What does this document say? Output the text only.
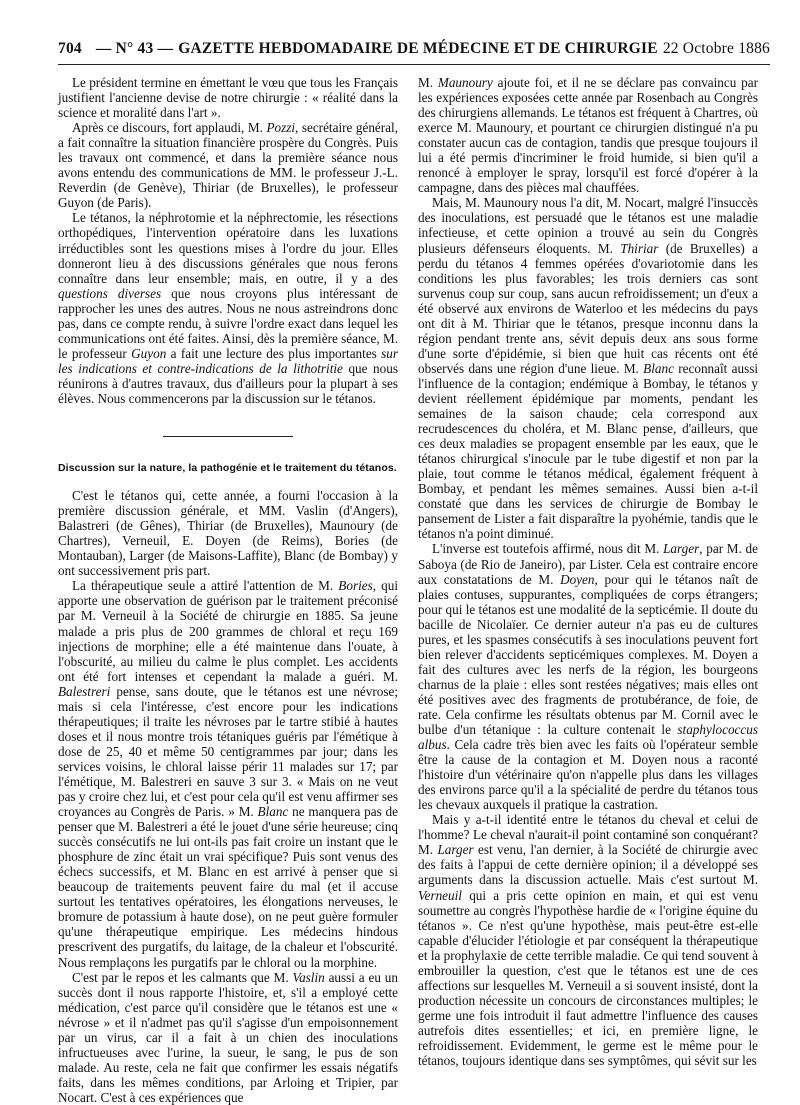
704 — N° 43 — GAZETTE HEBDOMADAIRE DE MÉDECINE ET DE CHIRURGIE 22 Octobre 1886

Le président termine en émettant le vœu que tous les Français justifient l'ancienne devise de notre chirurgie : « réalité dans la science et moralité dans l'art ».

Après ce discours, fort applaudi, M. Pozzi, secrétaire général, a fait connaître la situation financière prospère du Congrès. Puis les travaux ont commencé, et dans la première séance nous avons entendu des communications de MM. le professeur J.-L. Reverdin (de Genève), Thiriar (de Bruxelles), le professeur Guyon (de Paris).

Le tétanos, la néphrotomie et la néphrectomie, les résections orthopédiques, l'intervention opératoire dans les luxations irréductibles sont les questions mises à l'ordre du jour. Elles donneront lieu à des discussions générales que nous ferons connaître dans leur ensemble; mais, en outre, il y a des questions diverses que nous croyons plus intéressant de rapprocher les unes des autres. Nous ne nous astreindrons donc pas, dans ce compte rendu, à suivre l'ordre exact dans lequel les communications ont été faites. Ainsi, dès la première séance, M. le professeur Guyon a fait une lecture des plus importantes sur les indications et contre-indications de la lithotritie que nous réunirons à d'autres travaux, dus d'ailleurs pour la plupart à ses élèves. Nous commencerons par la discussion sur le tétanos.

Discussion sur la nature, la pathogénie et le traitement du tétanos.

C'est le tétanos qui, cette année, a fourni l'occasion à la première discussion générale, et MM. Vaslin (d'Angers), Balastreri (de Gênes), Thiriar (de Bruxelles), Maunoury (de Chartres), Verneuil, E. Doyen (de Reims), Bories (de Montauban), Larger (de Maisons-Laffite), Blanc (de Bombay) y ont successivement pris part.

La thérapeutique seule a attiré l'attention de M. Bories, qui apporte une observation de guérison par le traitement préconisé par M. Verneuil à la Société de chirurgie en 1885. Sa jeune malade a pris plus de 200 grammes de chloral et reçu 169 injections de morphine; elle a été maintenue dans l'ouate, à l'obscurité, au milieu du calme le plus complet. Les accidents ont été fort intenses et cependant la malade a guéri. M. Balestreri pense, sans doute, que le tétanos est une névrose; mais si cela l'intéresse, c'est encore pour les indications thérapeutiques; il traite les névroses par le tartre stibié à hautes doses et il nous montre trois tétaniques guéris par l'émétique à dose de 25, 40 et même 50 centigrammes par jour; dans les services voisins, le chloral laisse périr 11 malades sur 17; par l'émétique, M. Balestreri en sauve 3 sur 3. « Mais on ne veut pas y croire chez lui, et c'est pour cela qu'il est venu affirmer ses croyances au Congrès de Paris. » M. Blanc ne manquera pas de penser que M. Balestreri a été le jouet d'une série heureuse; cinq succès consécutifs ne lui ont-ils pas fait croire un instant que le phosphure de zinc était un vrai spécifique? Puis sont venus des échecs successifs, et M. Blanc en est arrivé à penser que si beaucoup de traitements peuvent faire du mal (et il accuse surtout les tentatives opératoires, les élongations nerveuses, le bromure de potassium à haute dose), on ne peut guère formuler qu'une thérapeutique empirique. Les médecins hindous prescrivent des purgatifs, du laitage, de la chaleur et l'obscurité. Nous remplaçons les purgatifs par le chloral ou la morphine.

C'est par le repos et les calmants que M. Vaslin aussi a eu un succès dont il nous rapporte l'histoire, et, s'il a employé cette médication, c'est parce qu'il considère que le tétanos est une « névrose » et il n'admet pas qu'il s'agisse d'un empoisonnement par un virus, car il a fait à un chien des inoculations infructueuses avec l'urine, la sueur, le sang, le pus de son malade. Au reste, cela ne fait que confirmer les essais négatifs faits, dans les mêmes conditions, par Arloing et Tripier, par Nocart. C'est à ces expériences que

M. Maunoury ajoute foi, et il ne se déclare pas convaincu par les expériences exposées cette année par Rosenbach au Congrès des chirurgiens allemands. Le tétanos est fréquent à Chartres, où exerce M. Maunoury, et pourtant ce chirurgien distingué n'a pu constater aucun cas de contagion, tandis que presque toujours il lui a été permis d'incriminer le froid humide, si bien qu'il a renoncé à employer le spray, lorsqu'il est forcé d'opérer à la campagne, dans des pièces mal chauffées.

Mais, M. Maunoury nous l'a dit, M. Nocart, malgré l'insuccès des inoculations, est persuadé que le tétanos est une maladie infectieuse, et cette opinion a trouvé au sein du Congrès plusieurs défenseurs éloquents. M. Thiriar (de Bruxelles) a perdu du tétanos 4 femmes opérées d'ovariotomie dans les conditions les plus favorables; les trois derniers cas sont survenus coup sur coup, sans aucun refroidissement; un d'eux a été observé aux environs de Waterloo et les médecins du pays ont dit à M. Thiriar que le tétanos, presque inconnu dans la région pendant trente ans, sévit depuis deux ans sous forme d'une sorte d'épidémie, si bien que huit cas récents ont été observés dans une région d'une lieue. M. Blanc reconnaît aussi l'influence de la contagion; endémique à Bombay, le tétanos y devient réellement épidémique par moments, pendant les semaines de la saison chaude; cela correspond aux recrudescences du choléra, et M. Blanc pense, d'ailleurs, que ces deux maladies se propagent ensemble par les eaux, que le tétanos chirurgical s'inocule par le tube digestif et non par la plaie, tout comme le tétanos médical, également fréquent à Bombay, et pendant les mêmes semaines. Aussi bien a-t-il constaté que dans les services de chirurgie de Bombay le pansement de Lister a fait disparaître la pyohémie, tandis que le tétanos n'a point diminué.

L'inverse est toutefois affirmé, nous dit M. Larger, par M. de Saboya (de Rio de Janeiro), par Lister. Cela est contraire encore aux constatations de M. Doyen, pour qui le tétanos naît de plaies contuses, suppurantes, compliquées de corps étrangers; pour qui le tétanos est une modalité de la septicémie. Il doute du bacille de Nicolaïer. Ce dernier auteur n'a pas eu de cultures pures, et les spasmes consécutifs à ses inoculations peuvent fort bien relever d'accidents septicémiques complexes. M. Doyen a fait des cultures avec les nerfs de la région, les bourgeons charnus de la plaie : elles sont restées négatives; mais elles ont été positives avec des fragments de protubérance, de foie, de rate. Cela confirme les résultats obtenus par M. Cornil avec le bulbe d'un tétanique : la culture contenait le staphylococcus albus. Cela cadre très bien avec les faits où l'opérateur semble être la cause de la contagion et M. Doyen nous a raconté l'histoire d'un vétérinaire qu'on n'appelle plus dans les villages des environs parce qu'il a la spécialité de perdre du tétanos tous les chevaux auxquels il pratique la castration.

Mais y a-t-il identité entre le tétanos du cheval et celui de l'homme? Le cheval n'aurait-il point contaminé son conquérant? M. Larger est venu, l'an dernier, à la Société de chirurgie avec des faits à l'appui de cette dernière opinion; il a développé ses arguments dans la discussion actuelle. Mais c'est surtout M. Verneuil qui a pris cette opinion en main, et qui est venu soumettre au congrès l'hypothèse hardie de « l'origine équine du tétanos ». Ce n'est qu'une hypothèse, mais peut-être est-elle capable d'élucider l'étiologie et par conséquent la thérapeutique et la prophylaxie de cette terrible maladie. Ce qui tend souvent à embrouiller la question, c'est que le tétanos est une de ces affections sur lesquelles M. Verneuil a si souvent insisté, dont la production nécessite un concours de circonstances multiples; le germe une fois introduit il faut admettre l'influence des causes autrefois dites essentielles; et ici, en première ligne, le refroidissement. Evidemment, le germe est le même pour le tétanos, toujours identique dans ses symptômes, qui sévit sur les
